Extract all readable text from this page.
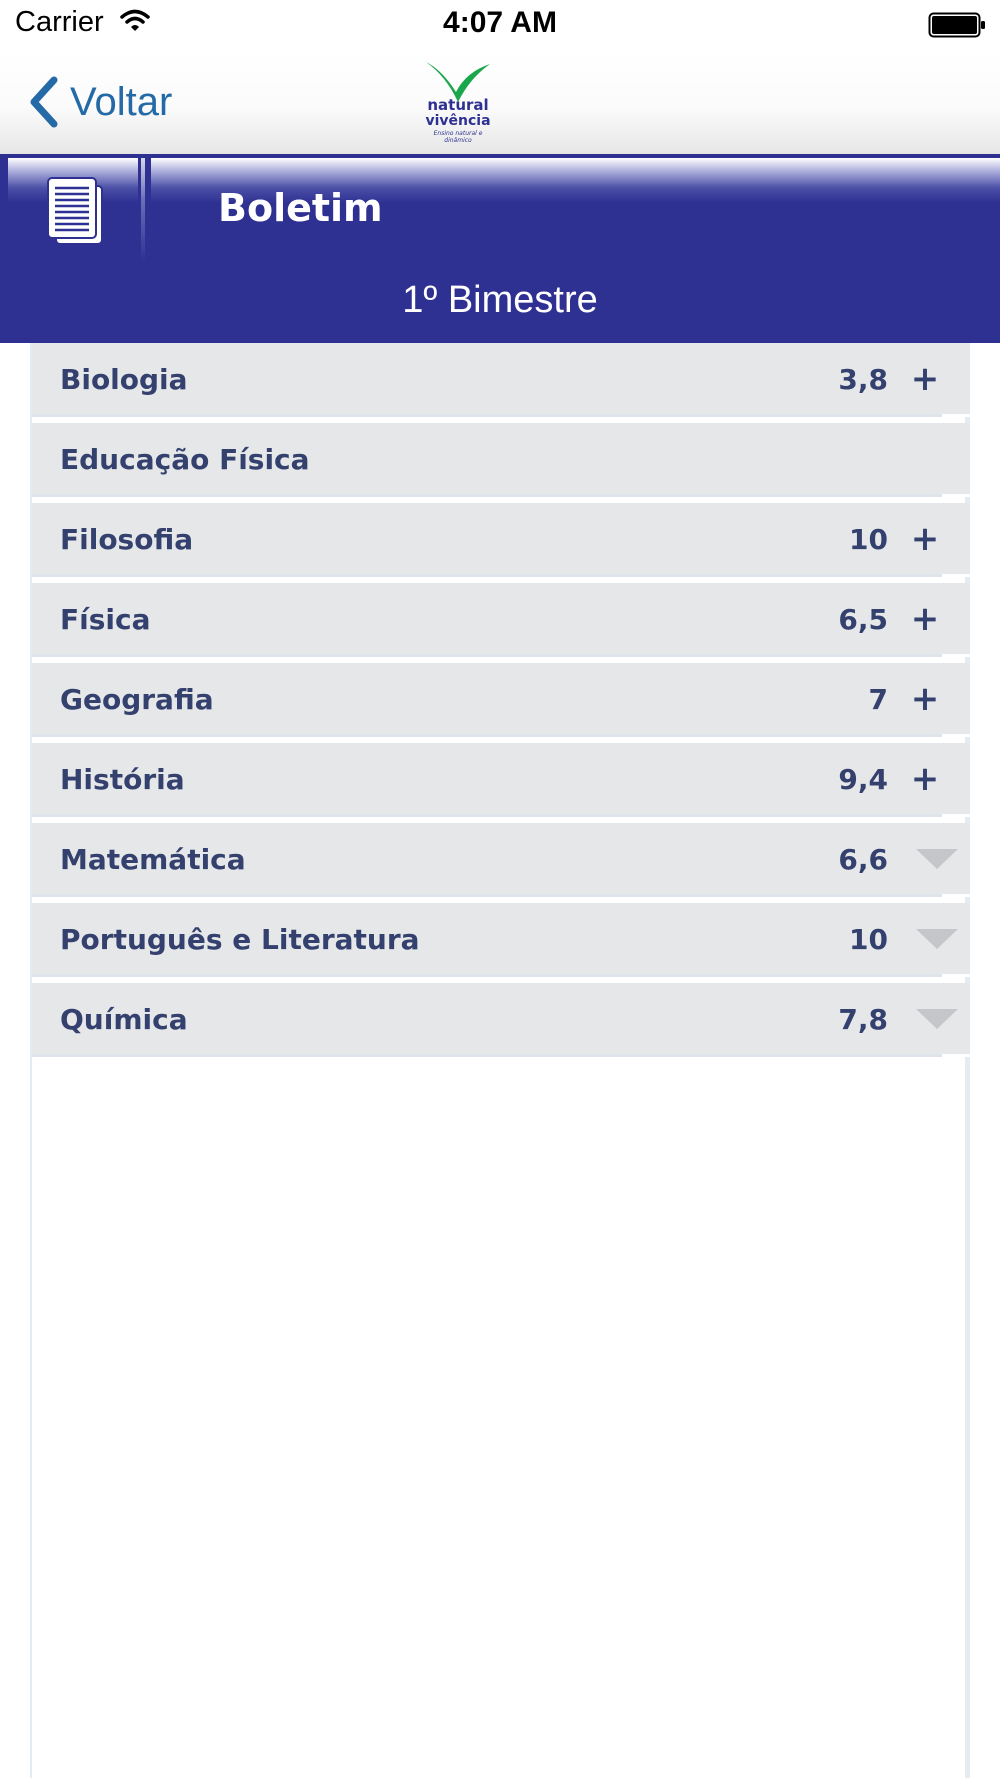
Carrier	4:07 AM
Voltar	natural
vivência
Ensino natural e dinâmico
Boletim
1º Bimestre
Biologia	3,8 +
Educação Física
Filosofia	10 +
Física	6,5 +
Geografia	7 +
História	9,4 +
Matemática	6,6
Português e Literatura	10
Química	7,8
